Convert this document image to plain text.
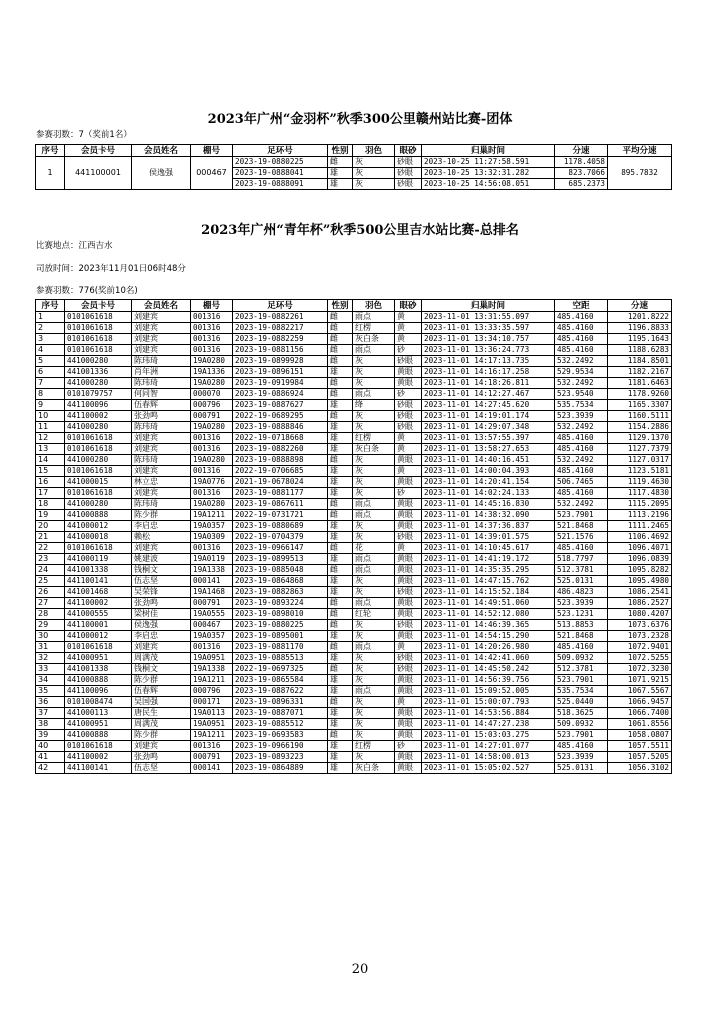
2023年广州“金羽杯”秋季300公里赣州站比赛-团体
参赛羽数：7（奖前1名）
序号	会员卡号	会员姓名	棚号	足环号	性别	羽色	眼砂	归巢时间	分速	平均分速
1	441100001	侯逸强	000467	2023-19-0880225	雌	灰	砂眼	2023-10-25 11:27:58.591	1178.4058	895.7832
				2023-19-0888041	雄	灰	砂眼	2023-10-25 13:32:31.282	823.7066	
				2023-19-0888091	雄	灰	砂眼	2023-10-25 14:56:08.051	685.2373	
2023年广州“青年杯”秋季500公里吉水站比赛-总排名
比赛地点：江西吉水
司放时间：2023年11月01日06时48分
参赛羽数：776(奖前10名)
序号	会员卡号	会员姓名	棚号	足环号	性别	羽色	眼砂	归巢时间	空距	分速
1	0101061618	刘建宾	001316	2023-19-0882261	雌	雨点	黄	2023-11-01 13:31:55.097	485.4160	1201.8222
2	0101061618	刘建宾	001316	2023-19-0882217	雌	红楞	黄	2023-11-01 13:33:35.597	485.4160	1196.8833
3	0101061618	刘建宾	001316	2023-19-0882259	雌	灰白条	黄	2023-11-01 13:34:10.757	485.4160	1195.1643
4	0101061618	刘建宾	001316	2023-19-0881156	雌	雨点	砂	2023-11-01 13:36:24.773	485.4160	1188.6283
5	441000280	陈玮琦	19A0280	2023-19-0899928	雌	灰	砂眼	2023-11-01 14:17:13.735	532.2492	1184.8501
6	441001336	肖年洲	19A1336	2023-19-0896151	雄	灰	黄眼	2023-11-01 14:16:17.258	529.9534	1182.2167
7	441000280	陈玮琦	19A0280	2023-19-0919984	雌	灰	黄眼	2023-11-01 14:18:26.811	532.2492	1181.6463
8	0101079757	何同智	000070	2023-19-0886924	雌	雨点	砂	2023-11-01 14:12:27.467	523.9540	1178.9260
9	441100096	伍春辉	000796	2023-19-0887627	雄	绛	砂眼	2023-11-01 14:27:45.620	535.7534	1165.3307
10	441100002	张劲鸣	000791	2022-19-0689295	雌	灰	砂眼	2023-11-01 14:19:01.174	523.3939	1160.5111
11	441000280	陈玮琦	19A0280	2023-19-0888846	雄	灰	砂眼	2023-11-01 14:29:07.348	532.2492	1154.2886
12	0101061618	刘建宾	001316	2022-19-0718668	雄	红楞	黄	2023-11-01 13:57:55.397	485.4160	1129.1370
13	0101061618	刘建宾	001316	2023-19-0882260	雄	灰白条	黄	2023-11-01 13:58:27.653	485.4160	1127.7379
14	441000280	陈玮琦	19A0280	2023-19-0888898	雌	灰	黄眼	2023-11-01 14:40:16.451	532.2492	1127.0317
15	0101061618	刘建宾	001316	2022-19-0706685	雄	灰	黄	2023-11-01 14:00:04.393	485.4160	1123.5181
16	441000015	林立忠	19A0776	2021-19-0678024	雄	灰	黄眼	2023-11-01 14:20:41.154	506.7465	1119.4630
17	0101061618	刘建宾	001316	2023-19-0881177	雄	灰	砂	2023-11-01 14:02:24.133	485.4160	1117.4830
18	441000280	陈玮琦	19A0280	2023-19-0867611	雌	雨点	黄眼	2023-11-01 14:45:16.830	532.2492	1115.2095
19	441000888	陈少群	19A1211	2022-19-0731721	雌	雨点	黄眼	2023-11-01 14:38:32.090	523.7901	1113.2196
20	441000012	李启忠	19A0357	2023-19-0880689	雄	灰	黄眼	2023-11-01 14:37:36.837	521.8468	1111.2465
21	441000018	赖松	19A0309	2022-19-0704379	雄	灰	砂眼	2023-11-01 14:39:01.575	521.1576	1106.4692
22	0101061618	刘建宾	001316	2023-19-0966147	雌	花	黄	2023-11-01 14:10:45.617	485.4160	1096.4071
23	441000119	姚建波	19A0119	2023-19-0899513	雄	雨点	黄眼	2023-11-01 14:41:19.172	518.7797	1096.0839
24	441001338	钱桐文	19A1338	2023-19-0885048	雌	雨点	黄眼	2023-11-01 14:35:35.295	512.3781	1095.8282
25	441100141	伍志坚	000141	2023-19-0864868	雄	灰	黄眼	2023-11-01 14:47:15.762	525.0131	1095.4980
26	441001468	吴荣锋	19A1468	2023-19-0882863	雄	灰	砂眼	2023-11-01 14:15:52.184	486.4823	1086.2541
27	441100002	张劲鸣	000791	2023-19-0893224	雌	雨点	黄眼	2023-11-01 14:49:51.060	523.3939	1086.2527
28	441000555	梁树佳	19A0555	2023-19-0898010	雌	红轮	黄眼	2023-11-01 14:52:12.080	523.1231	1080.4207
29	441100001	侯逸强	000467	2023-19-0880225	雌	灰	砂眼	2023-11-01 14:46:39.365	513.8853	1073.6376
30	441000012	李启忠	19A0357	2023-19-0895001	雄	灰	黄眼	2023-11-01 14:54:15.290	521.8468	1073.2328
31	0101061618	刘建宾	001316	2023-19-0881170	雌	雨点	黄	2023-11-01 14:20:26.980	485.4160	1072.9401
32	441000951	周满茂	19A0951	2023-19-0885513	雄	灰	砂眼	2023-11-01 14:42:41.060	509.0932	1072.5255
33	441001338	钱桐文	19A1338	2022-19-0697325	雌	灰	砂眼	2023-11-01 14:45:50.242	512.3781	1072.3230
34	441000888	陈少群	19A1211	2023-19-0865584	雄	灰	黄眼	2023-11-01 14:56:39.756	523.7901	1071.9215
35	441100096	伍春辉	000796	2023-19-0887622	雄	雨点	黄眼	2023-11-01 15:09:52.005	535.7534	1067.5567
36	0101008474	吴国强	000171	2023-19-0896331	雌	灰	黄	2023-11-01 15:00:07.793	525.0440	1066.9457
37	441000113	唐民生	19A0113	2023-19-0887071	雄	灰	黄眼	2023-11-01 14:53:56.884	518.3625	1066.7400
38	441000951	周满茂	19A0951	2023-19-0885512	雄	灰	黄眼	2023-11-01 14:47:27.238	509.0932	1061.8556
39	441000888	陈少群	19A1211	2023-19-0693583	雌	灰	黄眼	2023-11-01 15:03:03.275	523.7901	1058.0807
40	0101061618	刘建宾	001316	2023-19-0966190	雄	红楞	砂	2023-11-01 14:27:01.077	485.4160	1057.5511
41	441100002	张劲鸣	000791	2023-19-0893223	雄	灰	黄眼	2023-11-01 14:58:00.013	523.3939	1057.5205
42	441100141	伍志坚	000141	2023-19-0864889	雄	灰白条	黄眼	2023-11-01 15:05:02.527	525.0131	1056.3102
20
